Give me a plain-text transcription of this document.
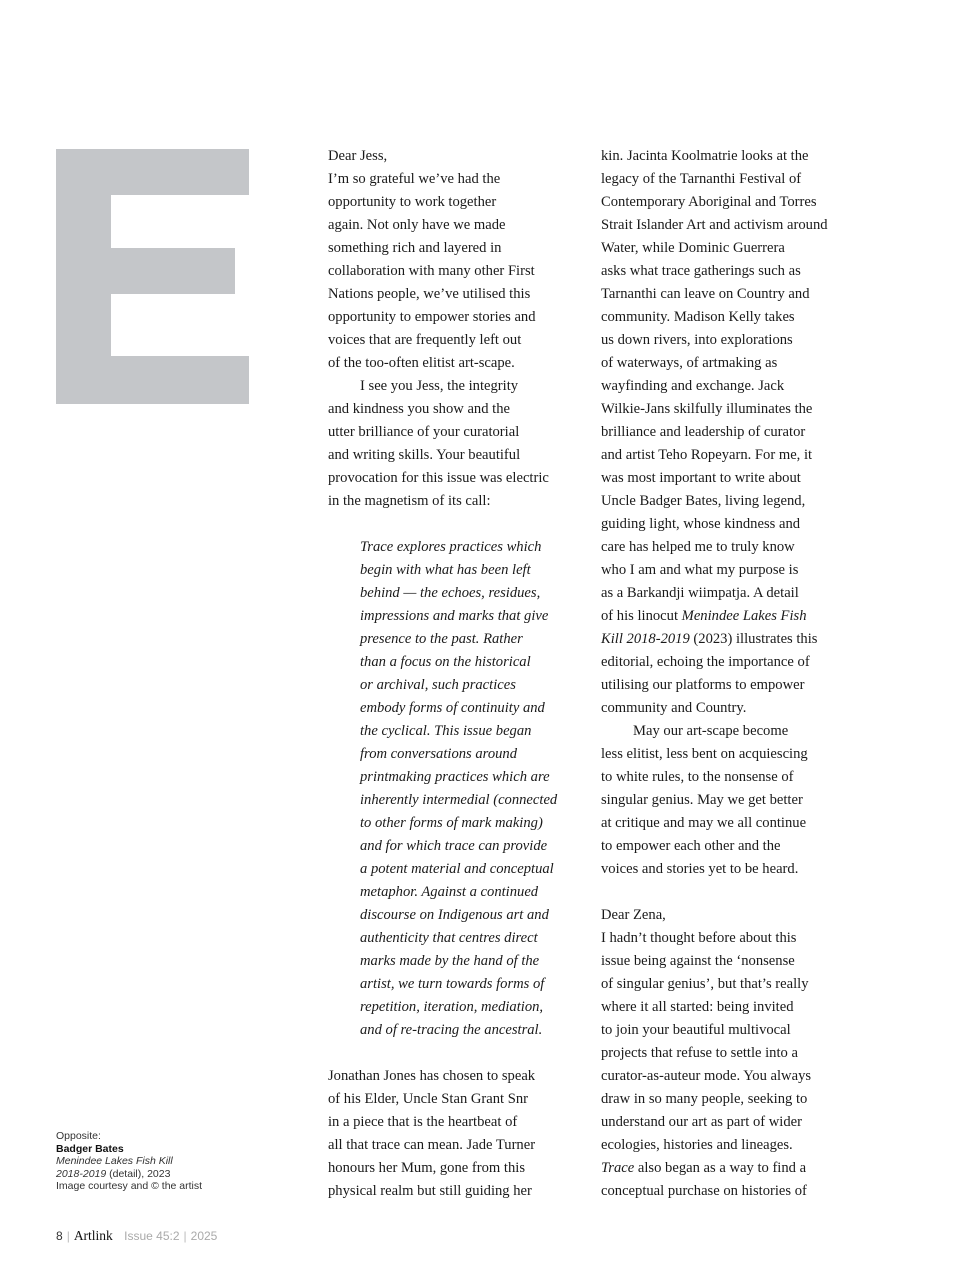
Dear Jess,
I’m so grateful we’ve had the
opportunity to work together
again. Not only have we made
something rich and layered in
collaboration with many other First
Nations people, we’ve utilised this
opportunity to empower stories and
voices that are frequently left out
of the too-often elitist art-scape.
I see you Jess, the integrity
and kindness you show and the
utter brilliance of your curatorial
and writing skills. Your beautiful
provocation for this issue was electric
in the magnetism of its call:
Trace explores practices which
begin with what has been left
behind — the echoes, residues,
impressions and marks that give
presence to the past. Rather
than a focus on the historical
or archival, such practices
embody forms of continuity and
the cyclical. This issue began
from conversations around
printmaking practices which are
inherently intermedial (connected
to other forms of mark making)
and for which trace can provide
a potent material and conceptual
metaphor. Against a continued
discourse on Indigenous art and
authenticity that centres direct
marks made by the hand of the
artist, we turn towards forms of
repetition, iteration, mediation,
and of re-tracing the ancestral.
Jonathan Jones has chosen to speak
of his Elder, Uncle Stan Grant Snr
in a piece that is the heartbeat of
all that trace can mean. Jade Turner
honours her Mum, gone from this
physical realm but still guiding her
kin. Jacinta Koolmatrie looks at the
legacy of the Tarnanthi Festival of
Contemporary Aboriginal and Torres
Strait Islander Art and activism around
Water, while Dominic Guerrera
asks what trace gatherings such as
Tarnanthi can leave on Country and
community. Madison Kelly takes
us down rivers, into explorations
of waterways, of artmaking as
wayfinding and exchange. Jack
Wilkie-Jans skilfully illuminates the
brilliance and leadership of curator
and artist Teho Ropeyarn. For me, it
was most important to write about
Uncle Badger Bates, living legend,
guiding light, whose kindness and
care has helped me to truly know
who I am and what my purpose is
as a Barkandji wiimpatja. A detail
of his linocut Menindee Lakes Fish
Kill 2018-2019 (2023) illustrates this
editorial, echoing the importance of
utilising our platforms to empower
community and Country.
May our art-scape become
less elitist, less bent on acquiescing
to white rules, to the nonsense of
singular genius. May we get better
at critique and may we all continue
to empower each other and the
voices and stories yet to be heard.
Dear Zena,
I hadn’t thought before about this
issue being against the ‘nonsense
of singular genius’, but that’s really
where it all started: being invited
to join your beautiful multivocal
projects that refuse to settle into a
curator-as-auteur mode. You always
draw in so many people, seeking to
understand our art as part of wider
ecologies, histories and lineages.
Trace also began as a way to find a
conceptual purchase on histories of
Opposite:
Badger Bates
Menindee Lakes Fish Kill
2018-2019 (detail), 2023
Image courtesy and © the artist
8 | Artlink Issue 45:2 | 2025
